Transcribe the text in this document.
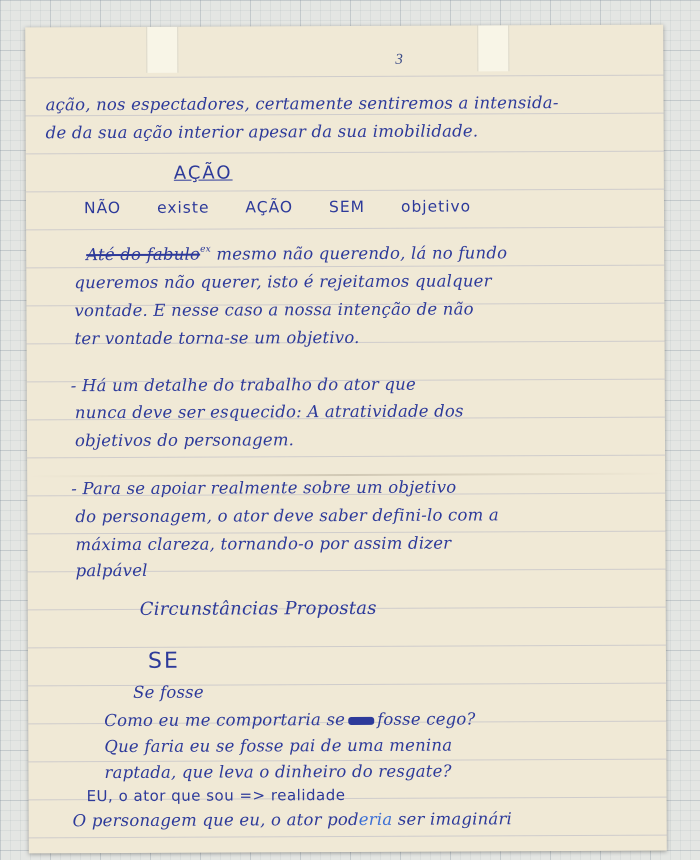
3

ação, nos espectadores, certamente sentiremos a intensida-

de da sua ação interior apesar da sua imobilidade.

AÇÃO

NÃO existe AÇÃO SEM objetivo

Até do fabulo$^{ex}$ mesmo não querendo, lá no fundo

queremos não querer, isto é rejeitamos qualquer

vontade. E nesse caso a nossa intenção de não

ter vontade torna-se um objetivo.

- Há um detalhe do trabalho do ator que

nunca deve ser esquecido: A atratividade dos

objetivos do personagem.

- Para se apoiar realmente sobre um objetivo

do personagem, o ator deve saber defini-lo com a

máxima clareza, tornando-o por assim dizer

palpável

Circunstâncias Propostas

SE

Se fosse

Como eu me comportaria se fosse cego?

Que faria eu se fosse pai de uma menina

raptada, que leva o dinheiro do resgate?

EU, o ator que sou => realidade

O personagem que eu, o ator poderia ser imaginári
